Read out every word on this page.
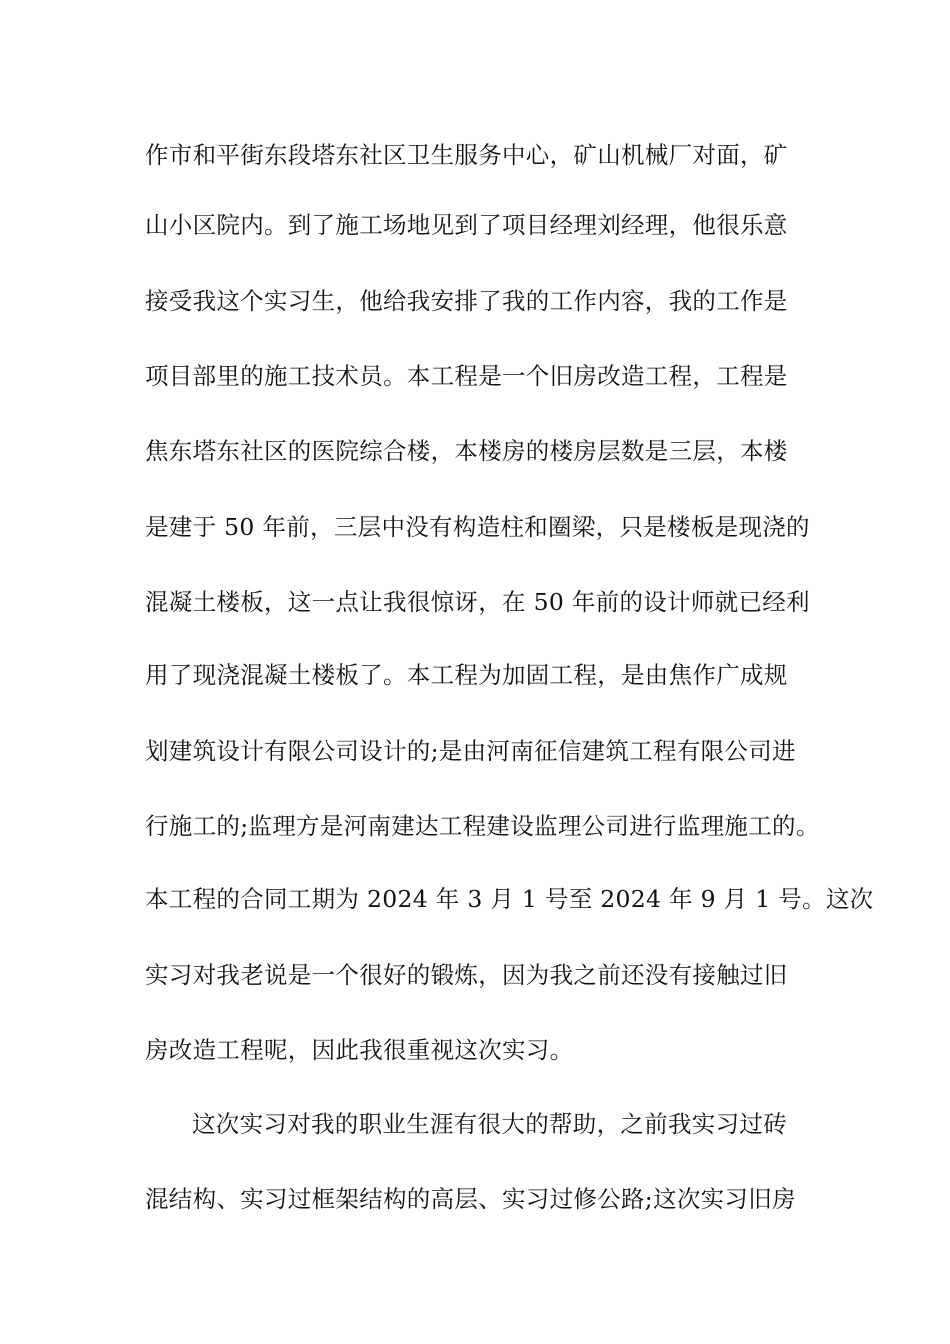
作市和平街东段塔东社区卫生服务中心，矿山机械厂对面，矿
山小区院内。到了施工场地见到了项目经理刘经理，他很乐意
接受我这个实习生，他给我安排了我的工作内容，我的工作是
项目部里的施工技术员。本工程是一个旧房改造工程，工程是
焦东塔东社区的医院综合楼，本楼房的楼房层数是三层，本楼
是建于 50 年前，三层中没有构造柱和圈梁，只是楼板是现浇的
混凝土楼板，这一点让我很惊讶，在 50 年前的设计师就已经利
用了现浇混凝土楼板了。本工程为加固工程，是由焦作广成规
划建筑设计有限公司设计的;是由河南征信建筑工程有限公司进
行施工的;监理方是河南建达工程建设监理公司进行监理施工的。
本工程的合同工期为 2024 年 3 月 1 号至 2024 年 9 月 1 号。这次
实习对我老说是一个很好的锻炼，因为我之前还没有接触过旧
房改造工程呢，因此我很重视这次实习。
这次实习对我的职业生涯有很大的帮助，之前我实习过砖
混结构、实习过框架结构的高层、实习过修公路;这次实习旧房
